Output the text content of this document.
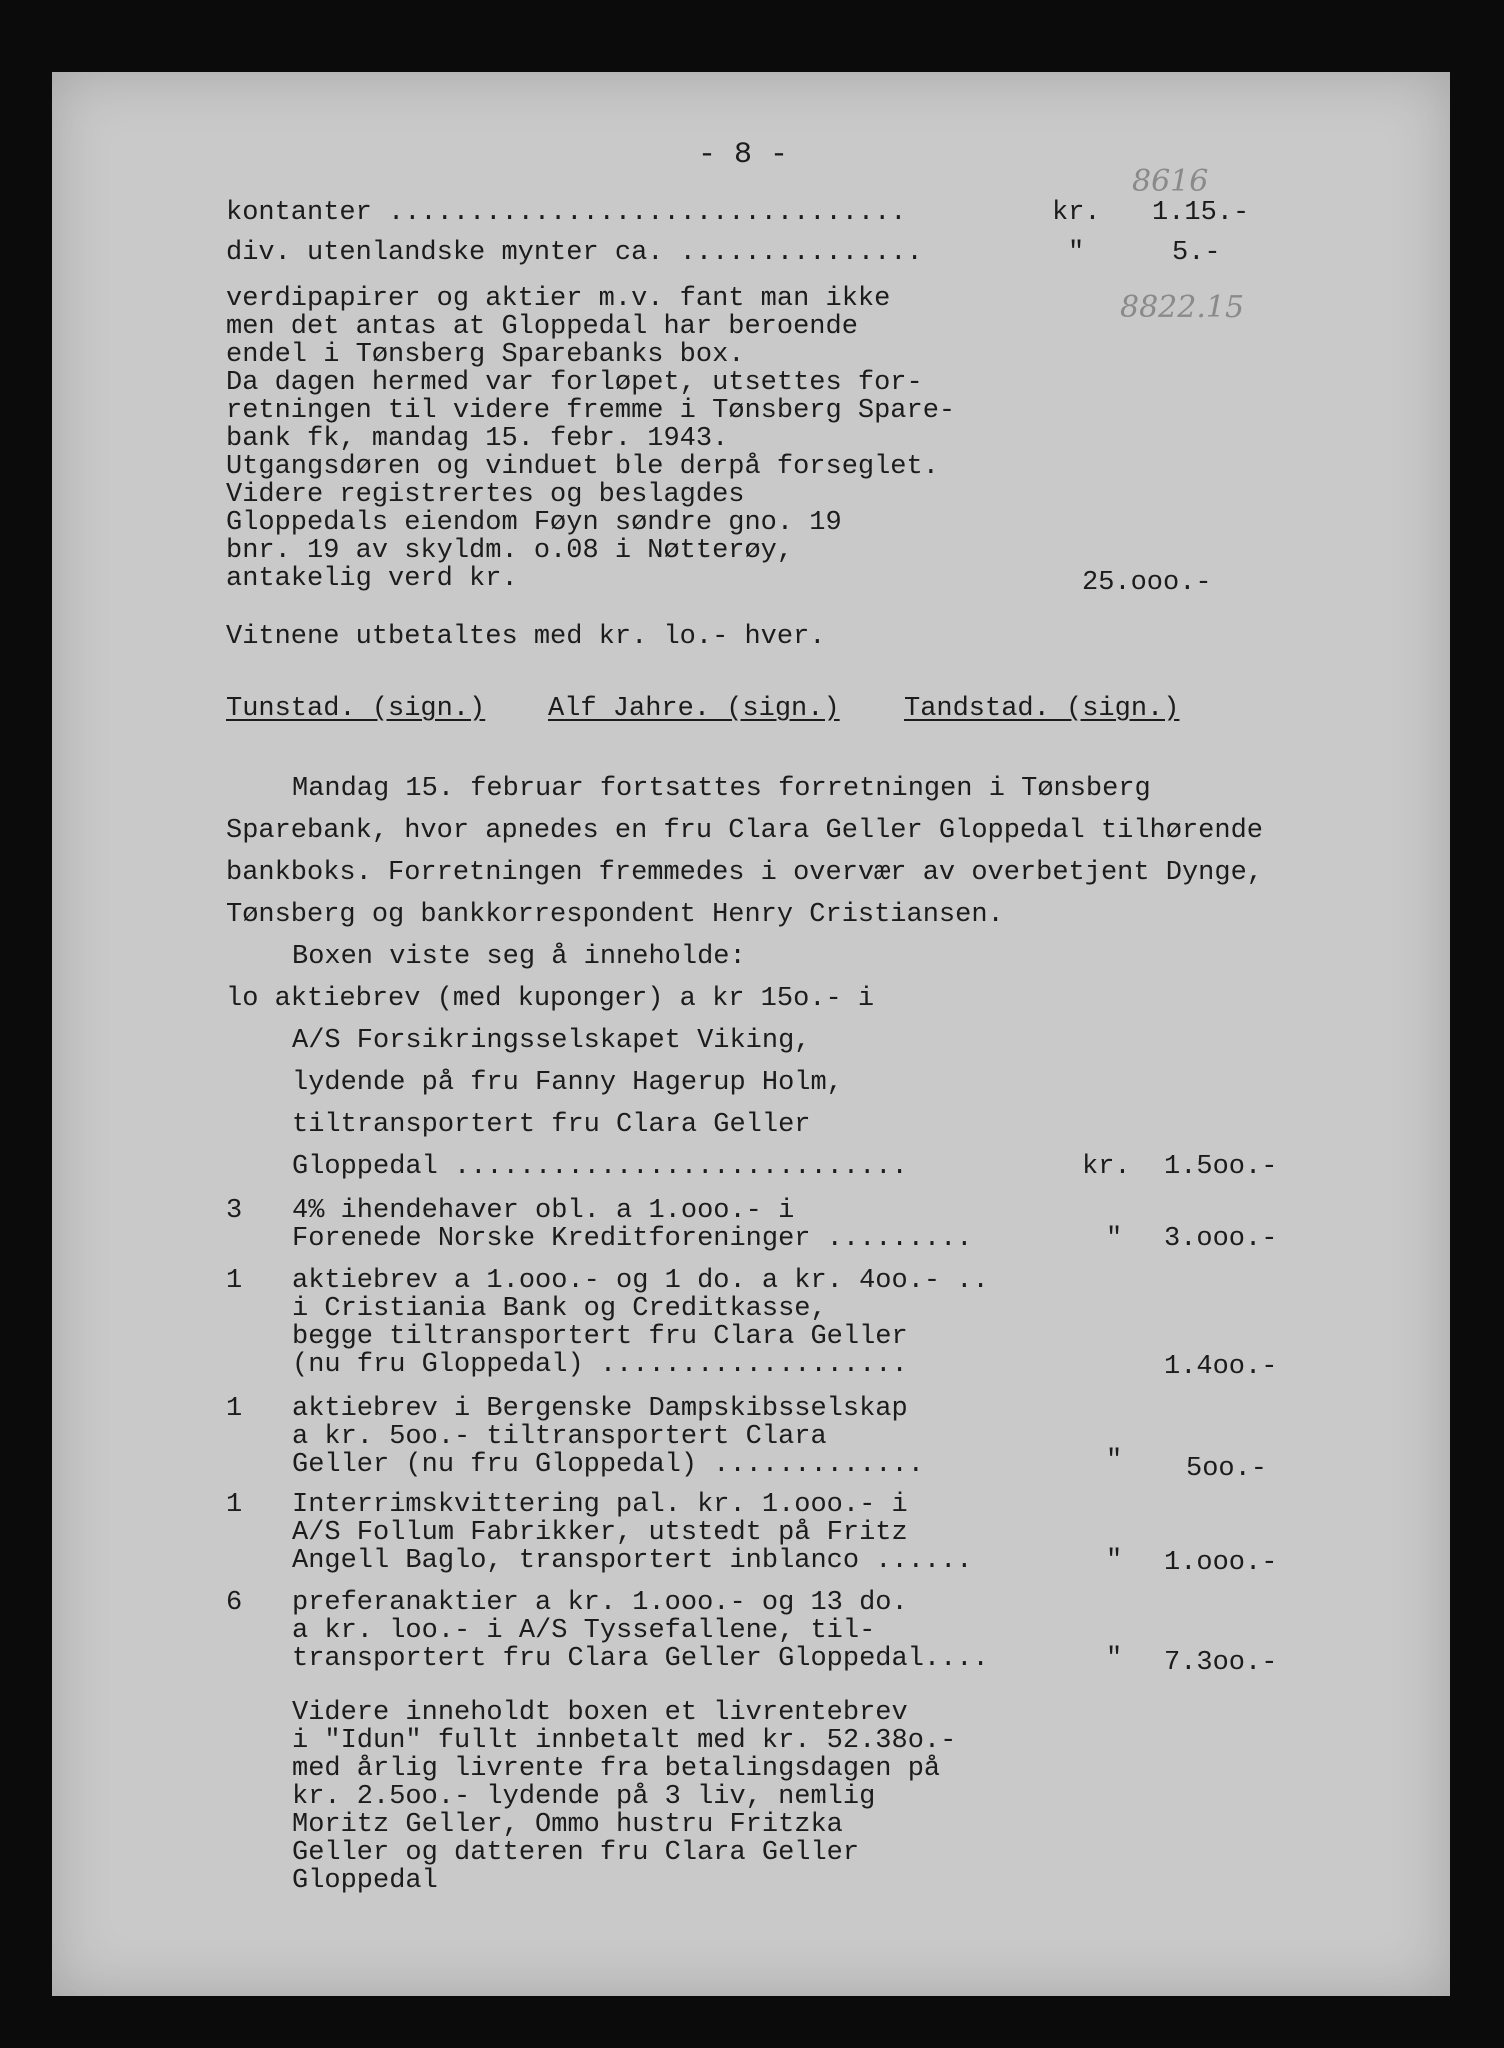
- 8 -
8616
8822.15
kontanter ................................	kr. 1.15.-
div. utenlandske mynter ca. ...............	"	5.-
verdipapirer og aktier m.v. fant man ikke
men det antas at Gloppedal har beroende
endel i Tønsberg Sparebanks box.
Da dagen hermed var forløpet, utsettes for-
retningen til videre fremme i Tønsberg Spare-
bank fk, mandag 15. febr. 1943.
Utgangsdøren og vinduet ble derpå forseglet.
Videre registrertes og beslagdes
Gloppedals eiendom Føyn søndre gno. 19
bnr. 19 av skyldm. o.08 i Nøtterøy,
antakelig verd kr.	25.ooo.-
Vitnene utbetaltes med kr. lo.- hver.
Tunstad. (sign.) Alf Jahre. (sign.) Tandstad. (sign.)
Mandag 15. februar fortsattes forretningen i Tønsberg
Sparebank, hvor apnedes en fru Clara Geller Gloppedal tilhørende
bankboks. Forretningen fremmedes i overvær av overbetjent Dynge,
Tønsberg og bankkorrespondent Henry Cristiansen.
Boxen viste seg å inneholde:
lo aktiebrev (med kuponger) a kr 15o.- i
A/S Forsikringsselskapet Viking,
lydende på fru Fanny Hagerup Holm,
tiltransportert fru Clara Geller
Gloppedal ............................	kr. 1.5oo.-
3 4% ihendehaver obl. a 1.ooo.- i
Forenede Norske Kreditforeninger .........	" 3.ooo.-
1 aktiebrev a 1.ooo.- og 1 do. a kr. 4oo.- ..
i Cristiania Bank og Creditkasse,
begge tiltransportert fru Clara Geller
(nu fru Gloppedal) ...................	1.4oo.-
1 aktiebrev i Bergenske Dampskibsselskap
a kr. 5oo.- tiltransportert Clara
Geller (nu fru Gloppedal) .............	" 5oo.-
1 Interrimskvittering pal. kr. 1.ooo.- i
A/S Follum Fabrikker, utstedt på Fritz
Angell Baglo, transportert inblanco ......	" 1.ooo.-
6 preferanaktier a kr. 1.ooo.- og 13 do.
a kr. loo.- i A/S Tyssefallene, til-
transportert fru Clara Geller Gloppedal....	" 7.3oo.-
Videre inneholdt boxen et livrentebrev
i "Idun" fullt innbetalt med kr. 52.38o.-
med årlig livrente fra betalingsdagen på
kr. 2.5oo.- lydende på 3 liv, nemlig
Moritz Geller, Ommo hustru Fritzka
Geller og datteren fru Clara Geller
Gloppedal
